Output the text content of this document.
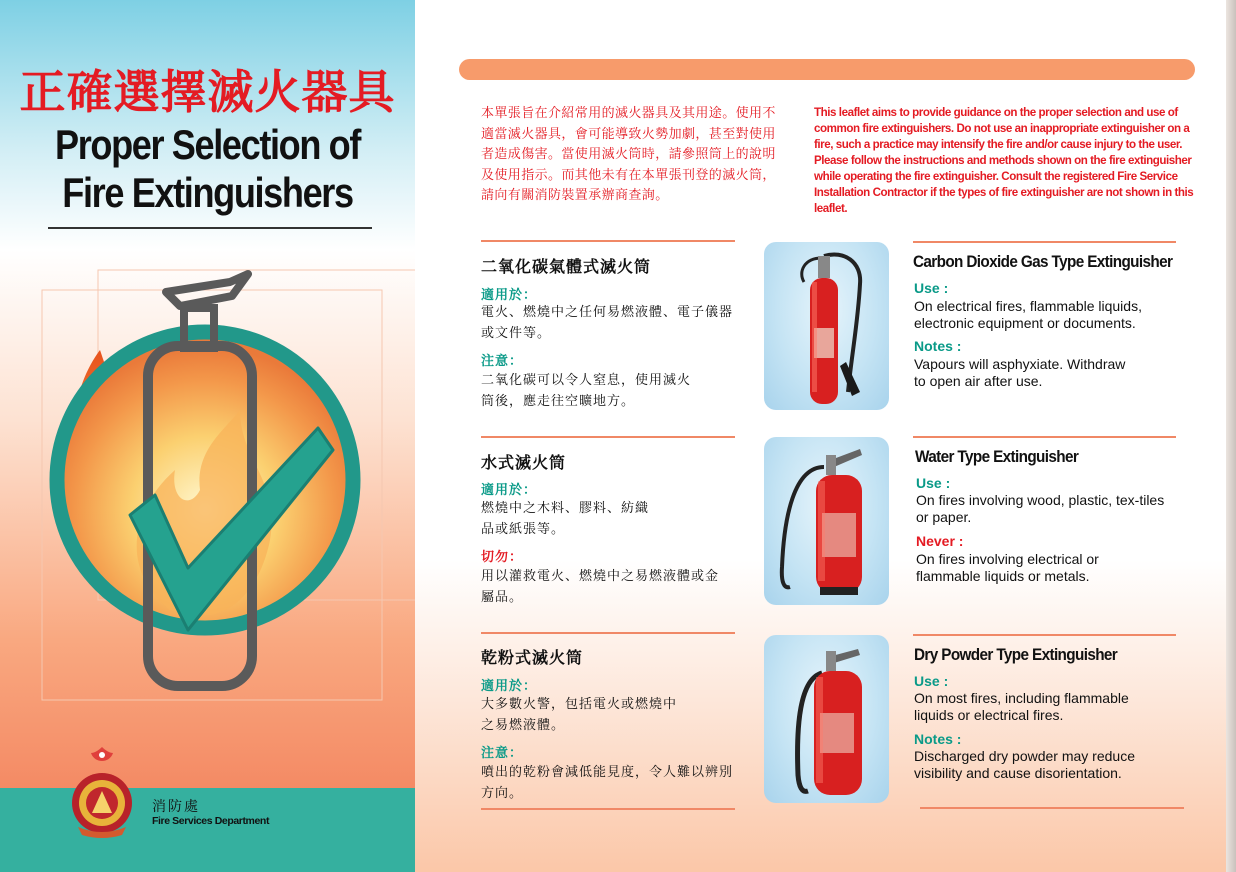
正確選擇滅火器具
Proper Selection of
Fire Extinguishers
消防處
Fire Services Department
本單張旨在介紹常用的滅火器具及其用途。使用不適當滅火器具，會可能導致火勢加劇，甚至對使用者造成傷害。當使用滅火筒時，請參照筒上的說明及使用指示。而其他未有在本單張刊登的滅火筒，請向有關消防裝置承辦商查詢。
This leaflet aims to provide guidance on the proper selection and use of common fire extinguishers. Do not use an inappropriate extinguisher on a fire, such a practice may intensify the fire and/or cause injury to the user. Please follow the instructions and methods shown on the fire extinguisher while operating the fire extinguisher. Consult the registered Fire Service Installation Contractor if the types of fire extinguisher are not shown in this leaflet.
二氧化碳氣體式滅火筒
適用於：
電火、燃燒中之任何易燃液體、電子儀器或文件等。
注意：
二氧化碳可以令人窒息，使用滅火筒後，應走往空曠地方。
Carbon Dioxide Gas Type Extinguisher
Use :
On electrical fires, flammable liquids, electronic equipment or documents.
Notes :
Vapours will asphyxiate. Withdraw to open air after use.
水式滅火筒
適用於：
燃燒中之木料、膠料、紡織品或紙張等。
切勿：
用以灌救電火、燃燒中之易燃液體或金屬品。
Water Type Extinguisher
Use :
On fires involving wood, plastic, tex-tiles or paper.
Never :
On fires involving electrical or flammable liquids or metals.
乾粉式滅火筒
適用於：
大多數火警，包括電火或燃燒中之易燃液體。
注意：
噴出的乾粉會減低能見度，令人難以辨別方向。
Dry Powder Type Extinguisher
Use :
On most fires, including flammable liquids or electrical fires.
Notes :
Discharged dry powder may reduce visibility and cause disorientation.
